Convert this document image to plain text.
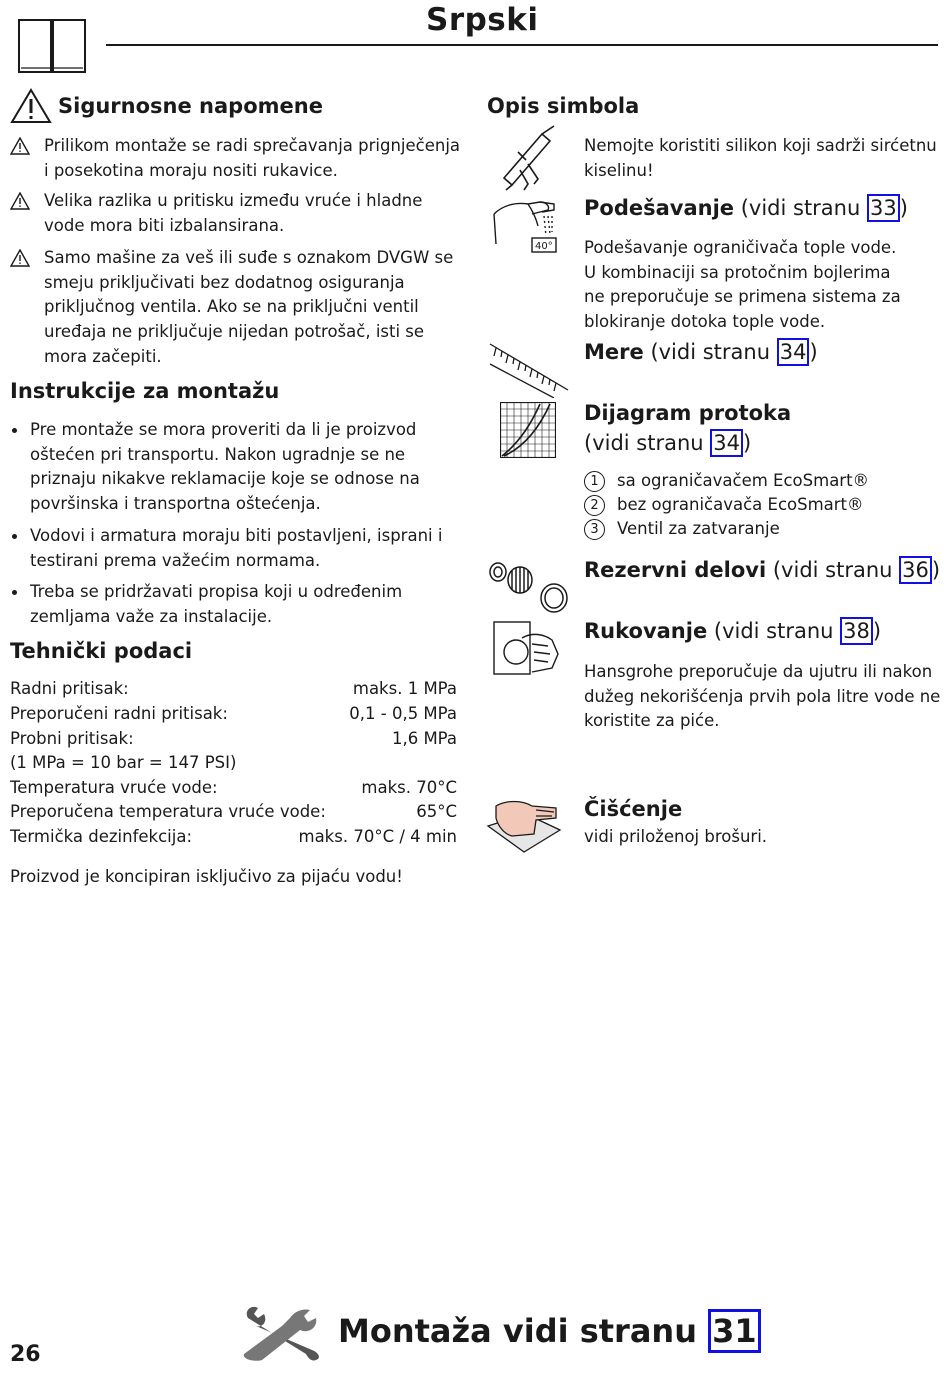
Srpski
Sigurnosne napomene
Prilikom montaže se radi sprečavanja prignječenja i posekotina moraju nositi rukavice.
Velika razlika u pritisku između vruće i hladne vode mora biti izbalansirana.
Samo mašine za veš ili suđe s oznakom DVGW se smeju priključivati bez dodatnog osiguranja priključnog ventila. Ako se na priključni ventil uređaja ne priključuje nijedan potrošač, isti se mora začepiti.
Instrukcije za montažu
Pre montaže se mora proveriti da li je proizvod oštećen pri transportu. Nakon ugradnje se ne priznaju nikakve reklamacije koje se odnose na površinska i transportna oštećenja.
Vodovi i armatura moraju biti postavljeni, isprani i testirani prema važećim normama.
Treba se pridržavati propisa koji u određenim zemljama važe za instalacije.
Tehnički podaci
Radni pritisak:	maks. 1 MPa
Preporučeni radni pritisak:	0,1 - 0,5 MPa
Probni pritisak:	1,6 MPa
(1 MPa = 10 bar = 147 PSI)
Temperatura vruće vode:	maks. 70°C
Preporučena temperatura vruće vode:	65°C
Termička dezinfekcija:	maks. 70°C / 4 min
Proizvod je koncipiran isključivo za pijaću vodu!
Opis simbola
Nemojte koristiti silikon koji sadrži sirćetnu kiselinu!
40°
Podešavanje (vidi stranu 33 )
Podešavanje ograničivača tople vode. U kombinaciji sa protočnim bojlerima ne preporučuje se primena sistema za blokiranje dotoka tople vode.
Mere (vidi stranu 34 )
Dijagram protoka
(vidi stranu 34 )
1 sa ograničavačem EcoSmart®
2 bez ograničavača EcoSmart®
3 Ventil za zatvaranje
Rezervni delovi (vidi stranu 36 )
Rukovanje (vidi stranu 38 )
Hansgrohe preporučuje da ujutru ili nakon dužeg nekorišćenja prvih pola litre vode ne koristite za piće.
Čišćenje
vidi priloženoj brošuri.
26
Montaža vidi stranu 31
